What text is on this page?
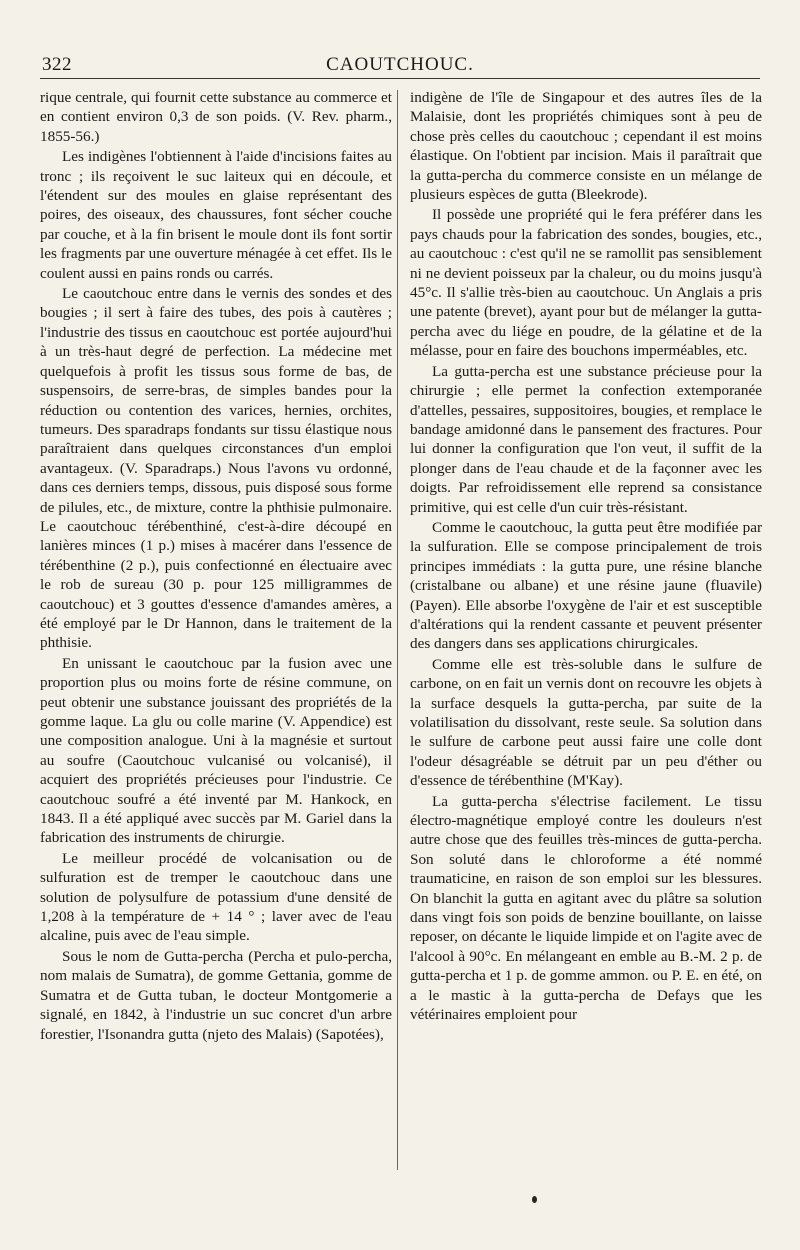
322	CAOUTCHOUC.

rique centrale, qui fournit cette substance au commerce et en contient environ 0,3 de son poids. (V. Rev. pharm., 1855-56.)

Les indigènes l'obtiennent à l'aide d'incisions faites au tronc ; ils reçoivent le suc laiteux qui en découle, et l'étendent sur des moules en glaise représentant des poires, des oiseaux, des chaussures, font sécher couche par couche, et à la fin brisent le moule dont ils font sortir les fragments par une ouverture ménagée à cet effet. Ils le coulent aussi en pains ronds ou carrés.

Le caoutchouc entre dans le vernis des sondes et des bougies ; il sert à faire des tubes, des pois à cautères ; l'industrie des tissus en caoutchouc est portée aujourd'hui à un très-haut degré de perfection. La médecine met quelquefois à profit les tissus sous forme de bas, de suspensoirs, de serre-bras, de simples bandes pour la réduction ou contention des varices, hernies, orchites, tumeurs. Des sparadraps fondants sur tissu élastique nous paraîtraient dans quelques circonstances d'un emploi avantageux. (V. Sparadraps.) Nous l'avons vu ordonné, dans ces derniers temps, dissous, puis disposé sous forme de pilules, etc., de mixture, contre la phthisie pulmonaire. Le caoutchouc térébenthiné, c'est-à-dire découpé en lanières minces (1 p.) mises à macérer dans l'essence de térébenthine (2 p.), puis confectionné en électuaire avec le rob de sureau (30 p. pour 125 milligrammes de caoutchouc) et 3 gouttes d'essence d'amandes amères, a été employé par le Dr Hannon, dans le traitement de la phthisie.

En unissant le caoutchouc par la fusion avec une proportion plus ou moins forte de résine commune, on peut obtenir une substance jouissant des propriétés de la gomme laque. La glu ou colle marine (V. Appendice) est une composition analogue. Uni à la magnésie et surtout au soufre (Caoutchouc vulcanisé ou volcanisé), il acquiert des propriétés précieuses pour l'industrie. Ce caoutchouc soufré a été inventé par M. Hankock, en 1843. Il a été appliqué avec succès par M. Gariel dans la fabrication des instruments de chirurgie.

Le meilleur procédé de volcanisation ou de sulfuration est de tremper le caoutchouc dans une solution de polysulfure de potassium d'une densité de 1,208 à la température de + 14 ° ; laver avec de l'eau alcaline, puis avec de l'eau simple.

Sous le nom de Gutta-percha (Percha et pulo-percha, nom malais de Sumatra), de gomme Gettania, gomme de Sumatra et de Gutta tuban, le docteur Montgomerie a signalé, en 1842, à l'industrie un suc concret d'un arbre forestier, l'Isonandra gutta (njeto des Malais) (Sapotées),

indigène de l'île de Singapour et des autres îles de la Malaisie, dont les propriétés chimiques sont à peu de chose près celles du caoutchouc ; cependant il est moins élastique. On l'obtient par incision. Mais il paraîtrait que la gutta-percha du commerce consiste en un mélange de plusieurs espèces de gutta (Bleekrode).

Il possède une propriété qui le fera préférer dans les pays chauds pour la fabrication des sondes, bougies, etc., au caoutchouc : c'est qu'il ne se ramollit pas sensiblement ni ne devient poisseux par la chaleur, ou du moins jusqu'à 45°c. Il s'allie très-bien au caoutchouc. Un Anglais a pris une patente (brevet), ayant pour but de mélanger la gutta-percha avec du liége en poudre, de la gélatine et de la mélasse, pour en faire des bouchons imperméables, etc.

La gutta-percha est une substance précieuse pour la chirurgie ; elle permet la confection extemporanée d'attelles, pessaires, suppositoires, bougies, et remplace le bandage amidonné dans le pansement des fractures. Pour lui donner la configuration que l'on veut, il suffit de la plonger dans de l'eau chaude et de la façonner avec les doigts. Par refroidissement elle reprend sa consistance primitive, qui est celle d'un cuir très-résistant.

Comme le caoutchouc, la gutta peut être modifiée par la sulfuration. Elle se compose principalement de trois principes immédiats : la gutta pure, une résine blanche (cristalbane ou albane) et une résine jaune (fluavile) (Payen). Elle absorbe l'oxygène de l'air et est susceptible d'altérations qui la rendent cassante et peuvent présenter des dangers dans ses applications chirurgicales.

Comme elle est très-soluble dans le sulfure de carbone, on en fait un vernis dont on recouvre les objets à la surface desquels la gutta-percha, par suite de la volatilisation du dissolvant, reste seule. Sa solution dans le sulfure de carbone peut aussi faire une colle dont l'odeur désagréable se détruit par un peu d'éther ou d'essence de térébenthine (M'Kay).

La gutta-percha s'électrise facilement. Le tissu électro-magnétique employé contre les douleurs n'est autre chose que des feuilles très-minces de gutta-percha. Son soluté dans le chloroforme a été nommé traumaticine, en raison de son emploi sur les blessures. On blanchit la gutta en agitant avec du plâtre sa solution dans vingt fois son poids de benzine bouillante, on laisse reposer, on décante le liquide limpide et on l'agite avec de l'alcool à 90°c. En mélangeant en emble au B.-M. 2 p. de gutta-percha et 1 p. de gomme ammon. ou P. E. en été, on a le mastic à la gutta-percha de Defays que les vétérinaires emploient pour
